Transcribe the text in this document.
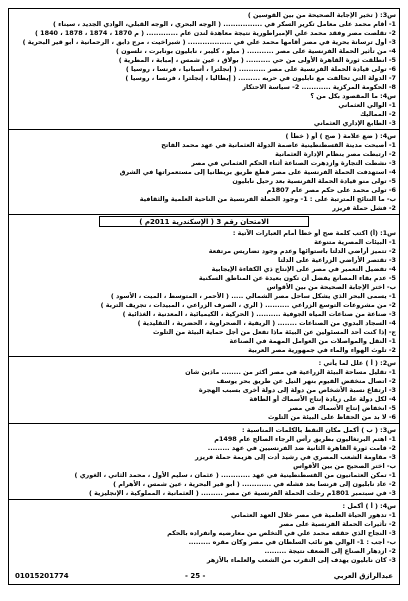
س3: ( تخير الإجابة الصحيحة من بين القوسين )
1- أقام محمد على معامل تكرير السكر في ................ ( الوجه البحري ، الوجه القبلي، الوادي الجديد ، سيناء )
2- تقلصت مصر وفقد محمد علي الإمبراطورية نتيجة معاهدة لندن عام ............. ( م 1870 ، 1874 ، 1878 ، 1840 )
3- أول ترسانة بحرية في مصر أقامها محمد علي في .................. ( شبراخيت ، مرج دابق ، الرحمانية ، أبو قير البحرية )
4- من تأثير الحملة الفرنسية على مصر ........... ( ميلو ، كليبر ، نابليون بونابرت ، نلسون )
5- انطلقت ثورة القاهرة الأولى من حي .......... ( بولاق ، عين شمس ، إمبابة ، المطرية )
6- تولى قيادة الحملة الفرنسية على مصر ........... ( إنجلترا ، أسبانيا ، فرنسا ، روسيا )
7- الدولة التي تحالفت مع نابليون في حربه ......... ( إيطاليا ، إنجلترا ، فرنسا ، روسيا )
8- الحكومة المركزية ............ 2- سياسة الاحتكار
س4: ما المقصود بكل من ؟
1- الوالي العثماني
2- المماليك
3- الطابع الإداري العثماني
س4: ( ضع علامة ( صح ) أو ( خطأ )
1- أصبحت مدينة القسطنطينية عاصمة الدولة العثمانية في عهد محمد الفاتح
2- ارتبطت مصر بنظام الإدارة العثمانية
3- نشطت التجارة وازدهرت الصناعة أثناء الحكم العثماني في مصر
4- استهدفت الحملة الفرنسية على مصر قطع طريق بريطانيا إلى مستعمراتها في الشرق
5- تولى منو قيادة الحملة الفرنسية بعد رحيل نابليون
6- تولى محمد على حكم مصر عام 1807م
ب- ما النتائج المترتبة على : 1- وجود الحملة الفرنسية من الناحية العلمية والثقافية
2- فشل حملة فريزر
الامتحان رقم 3 ( الإسكندرية 2011م )
س1: (أ) اكتب كلمة صح أو خطأ أمام العبارات الآتية :
1- البيئات المصرية متنوعة
2- تتميز أراضي الدلتا باستوائها وعدم وجود تضاريس مرتفعة
3- تقتصر الأراضي الزراعية على الدلتا
4- تفضيل التعمير في مصر على الإنتاج ذي الكفاءة الإيجابية
5- عدم بقاء المصانع يفضل أن تكون بعيدة عن المناطق السكنية
ب- اختر الإجابة الصحيحة من بين الأقواس
1- يسمى البحر الذي يشكل ساحل مصر الشمالي ..... ( الأحمر ، المتوسط ، الميت ، الأسود )
2- من مشروعات التوسع الزراعي .......... ( الري ، الصرف الزراعي ، المبيدات ، تجريف التربة )
3- صناعة من صناعات المياه الجوفية .......... ( الحركية ، الكيميائية ، المعدنية ، الغذائية )
4- السجاد البدوي من الصناعات ........ ( الريفية ، الصحراوية ، الحضرية ، التقليدية )
ج- إذا كنت أحد المسئولين عن البيئة ماذا تفعل من أجل حماية البيئة من التلوث
1- النقل والمواصلات من العوامل المهمة في الصناعة
2- تلوث الهواء والماء في جمهورية مصر العربية
س2: ( أ ) علل لما يأتي :
1- تقليل مساحة البيئة الزراعية في مصر أكثر من ........ ماذين شان
2- اتصال منخفض الفيوم بنهر النيل عن طريق بحر يوسف
3- ارتفاع نسبة الأشخاص من دولة إلى دولة أخرى بسبب الهجرة
4- لكل دولة على زيادة إنتاج الأسماك أو الطاقة
5- انخفاض إنتاج الأسماك في مصر
6- لا بد من الحفاظ على البيئة من التلوث
س3: ( ب ) أكمل مكان النقط بالكلمات المناسبة :
1- اهتم البرتغاليون بطريق رأس الرجاء الصالح عام 1498م
2- قامت ثورة القاهرة الثانية ضد الفرنسيين في عهد .........
3- مقاومة الشعب المصري في رشيد أدت إلى هزيمة حملة فريزر
ب- اختر الصحيح من بين الأقواس
1- تمكن العثمانيون من القسطنطينية في عهد ............ ( عثمان ، سليم الأول ، محمد الثاني ، الغوري )
2- عاد نابليون إلى فرنسا بعد فشله في ............ ( أبو قير البحرية ، عين شمس ، الأهرام )
3- في سبتمبر 1801م رحلت الحملة الفرنسية عن مصر ......... ( العثمانية ، المملوكية ، الإنجليزية )
س4: ( أ ) أكمل :
1- تدهور الحياة العلمية في مصر خلال العهد العثماني
2- تأثيرات الحملة الفرنسية على مصر
3- النجاح الذي حققه محمد علي في التخلص من معارضيه وانفراده بالحكم
ب- أجب : 1- الوالي هو نائب السلطان في مصر وكان مقره .........
2- ازدهار الصناع إلى الضعف نتيجة .........
3- كان نابليون يهدف إلى التقرب من الشعب والعلماء بالأزهر
01015201774	- 25 -	عبدالرازق العربي
